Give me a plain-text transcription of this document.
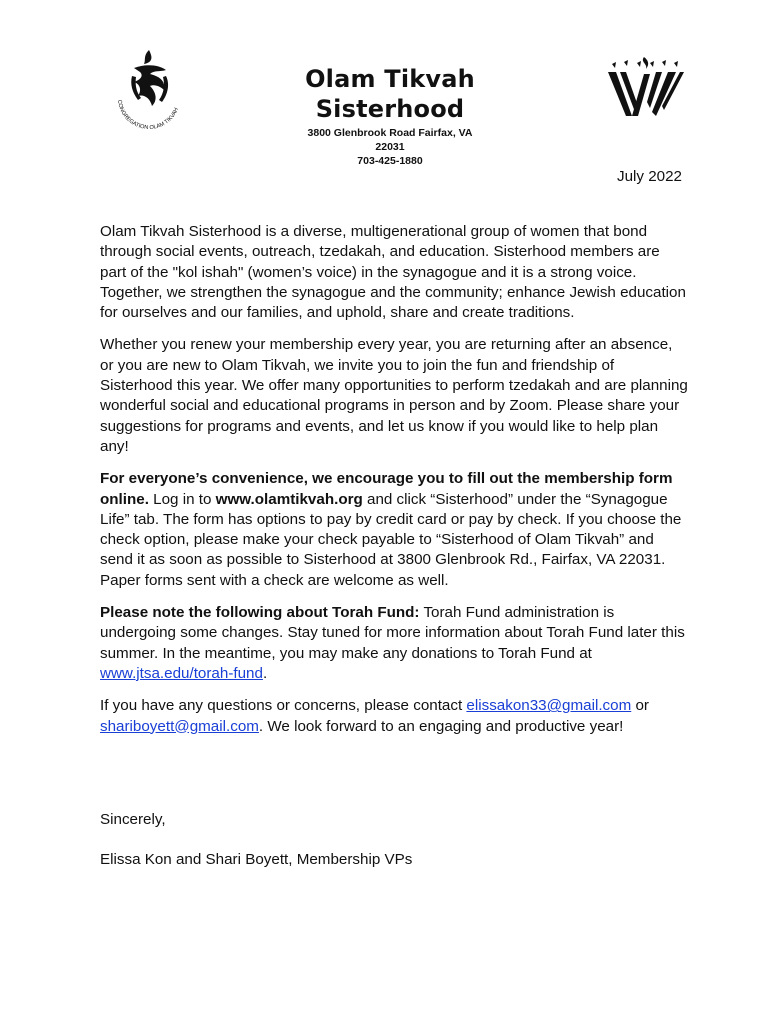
CONGREGATION OLAM TIKVAH
Olam Tikvah Sisterhood
3800 Glenbrook Road Fairfax, VA
22031
703-425-1880
July 2022

Olam Tikvah Sisterhood is a diverse, multigenerational group of women that bond through social events, outreach, tzedakah, and education. Sisterhood members are part of the "kol ishah" (women’s voice) in the synagogue and it is a strong voice. Together, we strengthen the synagogue and the community; enhance Jewish education for ourselves and our families, and uphold, share and create traditions.

Whether you renew your membership every year, you are returning after an absence, or you are new to Olam Tikvah, we invite you to join the fun and friendship of Sisterhood this year. We offer many opportunities to perform tzedakah and are planning wonderful social and educational programs in person and by Zoom. Please share your suggestions for programs and events, and let us know if you would like to help plan any!

For everyone’s convenience, we encourage you to fill out the membership form online. Log in to www.olamtikvah.org and click “Sisterhood” under the “Synagogue Life” tab. The form has options to pay by credit card or pay by check. If you choose the check option, please make your check payable to “Sisterhood of Olam Tikvah” and send it as soon as possible to Sisterhood at 3800 Glenbrook Rd., Fairfax, VA 22031. Paper forms sent with a check are welcome as well.

Please note the following about Torah Fund: Torah Fund administration is undergoing some changes. Stay tuned for more information about Torah Fund later this summer. In the meantime, you may make any donations to Torah Fund at www.jtsa.edu/torah-fund.

If you have any questions or concerns, please contact elissakon33@gmail.com or shariboyett@gmail.com. We look forward to an engaging and productive year!

Sincerely,
Elissa Kon and Shari Boyett, Membership VPs
